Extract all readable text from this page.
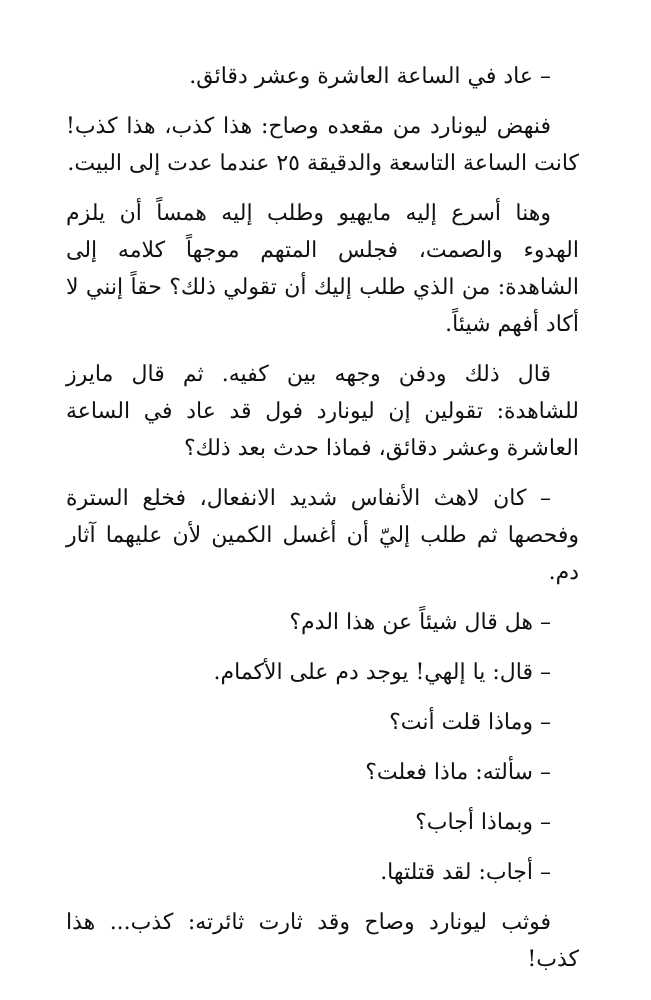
– عاد في الساعة العاشرة وعشر دقائق.

فنهض ليونارد من مقعده وصاح: هذا كذب، هذا كذب! كانت الساعة التاسعة والدقيقة ٢٥ عندما عدت إلى البيت.

وهنا أسرع إليه مايهيو وطلب إليه همساً أن يلزم الهدوء والصمت، فجلس المتهم موجهاً كلامه إلى الشاهدة: من الذي طلب إليك أن تقولي ذلك؟ حقاً إنني لا أكاد أفهم شيئاً.

قال ذلك ودفن وجهه بين كفيه. ثم قال مايرز للشاهدة: تقولين إن ليونارد فول قد عاد في الساعة العاشرة وعشر دقائق، فماذا حدث بعد ذلك؟

– كان لاهث الأنفاس شديد الانفعال، فخلع السترة وفحصها ثم طلب إليّ أن أغسل الكمين لأن عليهما آثار دم.

– هل قال شيئاً عن هذا الدم؟

– قال: يا إلهي! يوجد دم على الأكمام.

– وماذا قلت أنت؟

– سألته: ماذا فعلت؟

– وبماذا أجاب؟

– أجاب: لقد قتلتها.

فوثب ليونارد وصاح وقد ثارت ثائرته: كذب... هذا كذب!
